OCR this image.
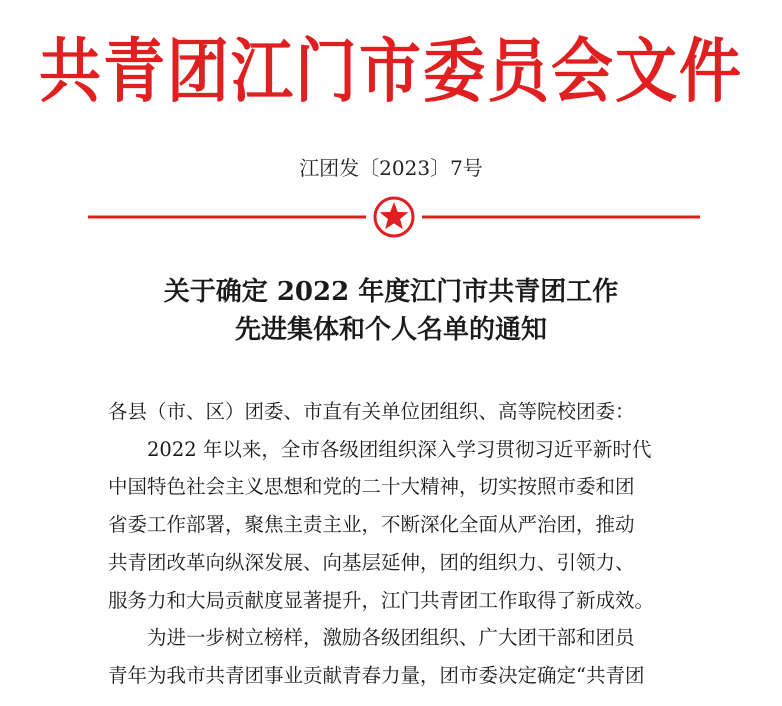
共青团江门市委员会文件
江团发〔2023〕7号
关于确定 2022 年度江门市共青团工作
先进集体和个人名单的通知

各县（市、区）团委、市直有关单位团组织、高等院校团委：

2022 年以来，全市各级团组织深入学习贯彻习近平新时代

中国特色社会主义思想和党的二十大精神，切实按照市委和团

省委工作部署，聚焦主责主业，不断深化全面从严治团，推动

共青团改革向纵深发展、向基层延伸，团的组织力、引领力、

服务力和大局贡献度显著提升，江门共青团工作取得了新成效。

为进一步树立榜样，激励各级团组织、广大团干部和团员

青年为我市共青团事业贡献青春力量，团市委决定确定“共青团
